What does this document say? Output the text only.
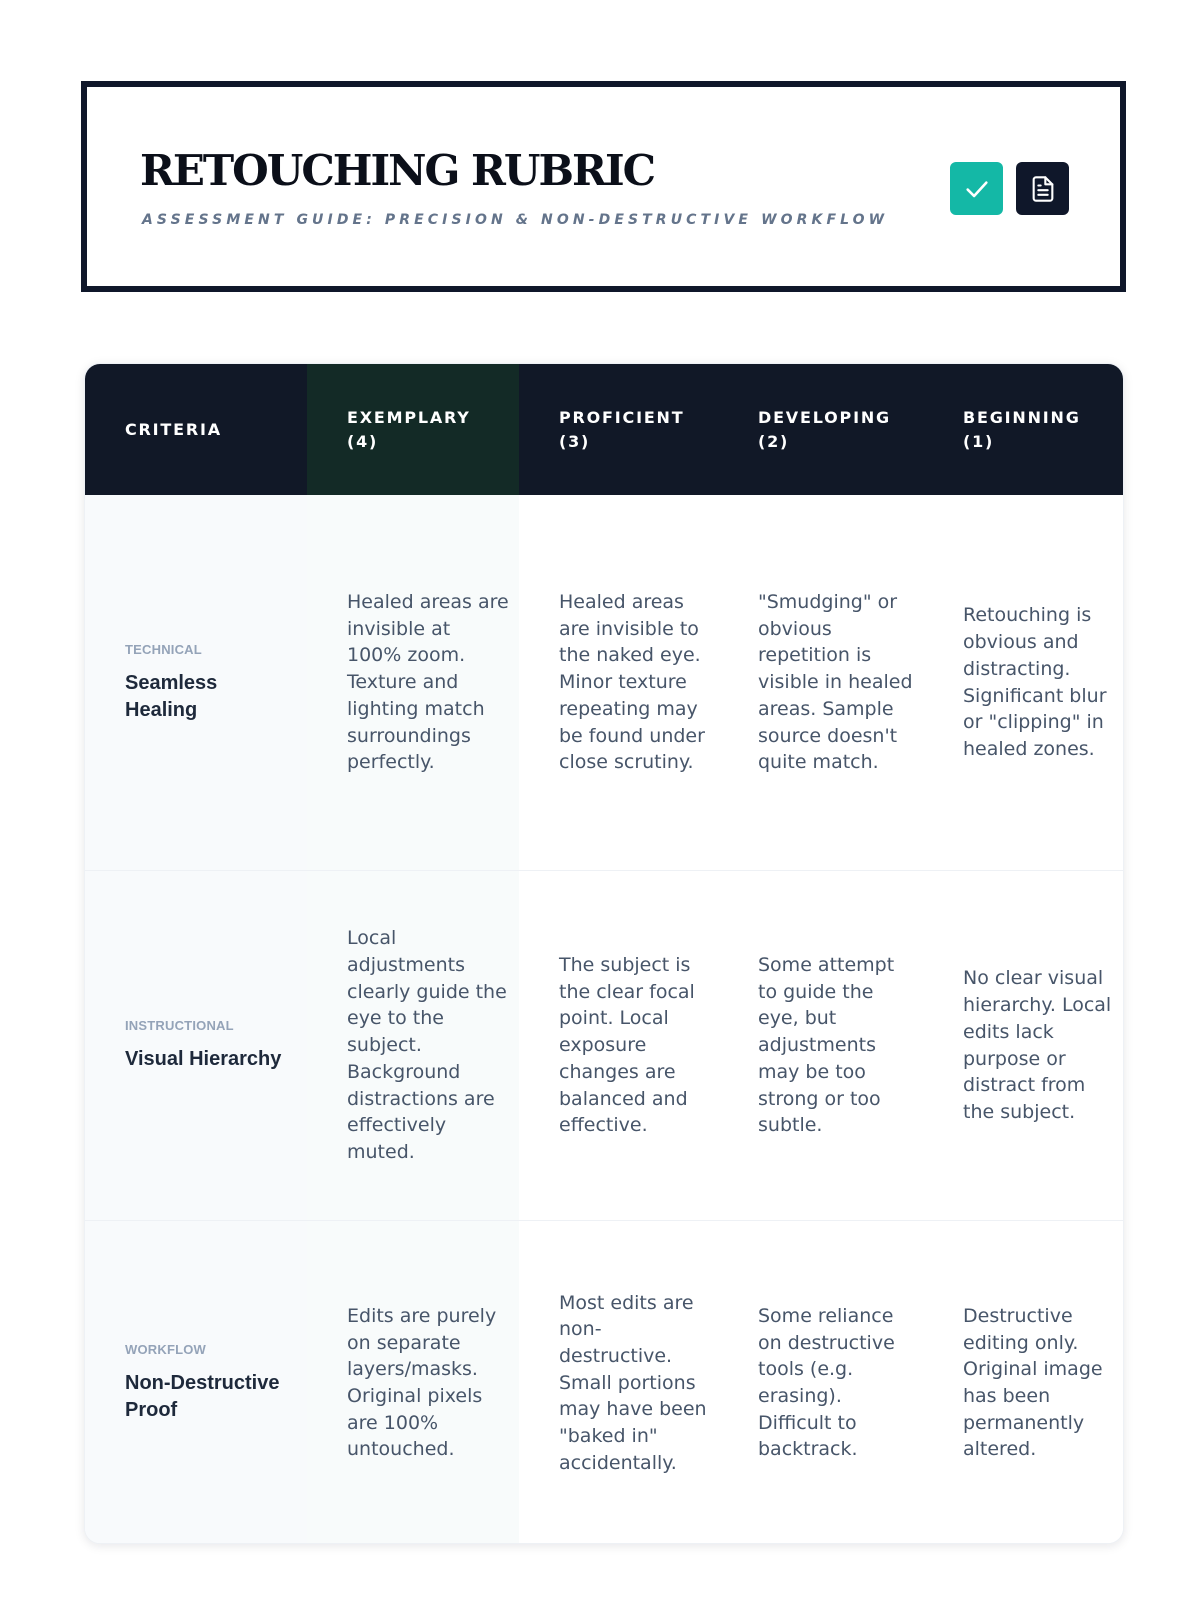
RETOUCHING RUBRIC
ASSESSMENT GUIDE: PRECISION & NON-DESTRUCTIVE WORKFLOW
CRITERIA
EXEMPLARY
(4)
PROFICIENT
(3)
DEVELOPING
(2)
BEGINNING
(1)
TECHNICAL
Seamless Healing
Healed areas are invisible at 100% zoom. Texture and lighting match surroundings perfectly.
Healed areas are invisible to the naked eye. Minor texture repeating may be found under close scrutiny.
"Smudging" or obvious repetition is visible in healed areas. Sample source doesn't quite match.
Retouching is obvious and distracting. Significant blur or "clipping" in healed zones.
INSTRUCTIONAL
Visual Hierarchy
Local adjustments clearly guide the eye to the subject. Background distractions are effectively muted.
The subject is the clear focal point. Local exposure changes are balanced and effective.
Some attempt to guide the eye, but adjustments may be too strong or too subtle.
No clear visual hierarchy. Local edits lack purpose or distract from the subject.
WORKFLOW
Non-Destructive Proof
Edits are purely on separate layers/masks. Original pixels are 100% untouched.
Most edits are non-destructive. Small portions may have been "baked in" accidentally.
Some reliance on destructive tools (e.g. erasing). Difficult to backtrack.
Destructive editing only. Original image has been permanently altered.
